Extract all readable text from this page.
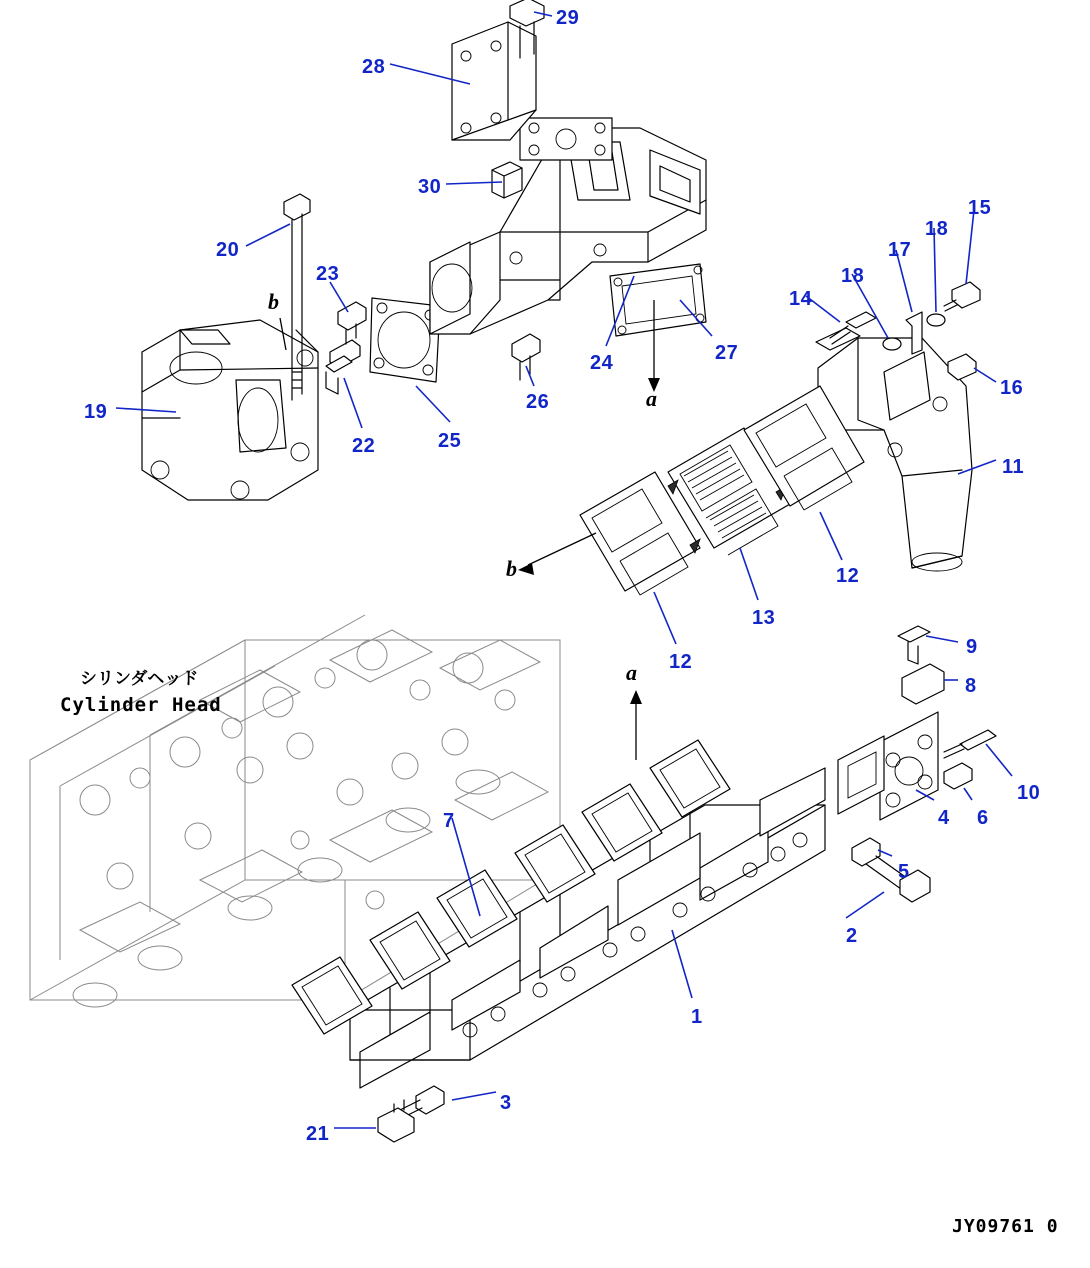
シリンダヘッド
Cylinder Head
b
a
b
a
29
28
30
20
23
15
18
17
18
14
27
24
26
16
19
22	25
11
12
13
12
9
8
10
6
4
7
5
2
1
3
21
JY09761 0
